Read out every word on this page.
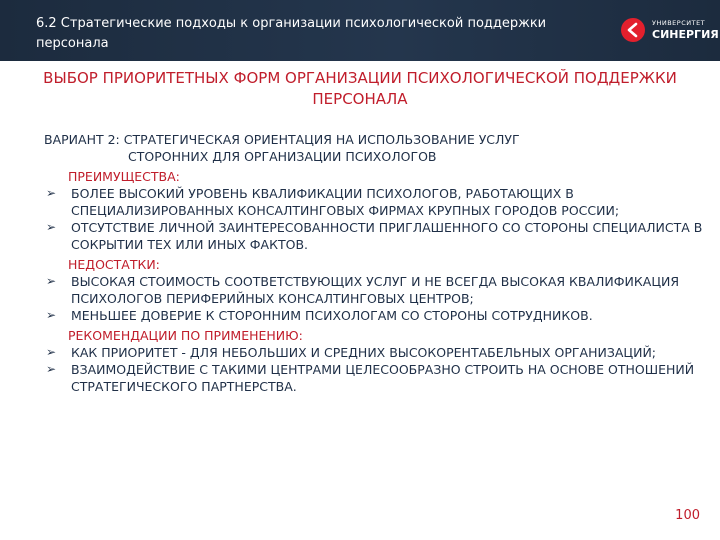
6.2 Стратегические подходы к организации психологической поддержки персонала
УНИВЕРСИТЕТ
СИНЕРГИЯ
ВЫБОР ПРИОРИТЕТНЫХ ФОРМ ОРГАНИЗАЦИИ ПСИХОЛОГИЧЕСКОЙ ПОДДЕРЖКИ ПЕРСОНАЛА
ВАРИАНТ 2: СТРАТЕГИЧЕСКАЯ ОРИЕНТАЦИЯ НА ИСПОЛЬЗОВАНИЕ УСЛУГ
СТОРОННИХ ДЛЯ ОРГАНИЗАЦИИ ПСИХОЛОГОВ
ПРЕИМУЩЕСТВА:
➢ БОЛЕЕ ВЫСОКИЙ УРОВЕНЬ КВАЛИФИКАЦИИ ПСИХОЛОГОВ, РАБОТАЮЩИХ В СПЕЦИАЛИЗИРОВАННЫХ КОНСАЛТИНГОВЫХ ФИРМАХ КРУПНЫХ ГОРОДОВ РОССИИ;
➢ ОТСУТСТВИЕ ЛИЧНОЙ ЗАИНТЕРЕСОВАННОСТИ ПРИГЛАШЕННОГО СО СТОРОНЫ СПЕЦИАЛИСТА В СОКРЫТИИ ТЕХ ИЛИ ИНЫХ ФАКТОВ.
НЕДОСТАТКИ:
➢ ВЫСОКАЯ СТОИМОСТЬ СООТВЕТСТВУЮЩИХ УСЛУГ И НЕ ВСЕГДА ВЫСОКАЯ КВАЛИФИКАЦИЯ ПСИХОЛОГОВ ПЕРИФЕРИЙНЫХ КОНСАЛТИНГОВЫХ ЦЕНТРОВ;
➢ МЕНЬШЕЕ ДОВЕРИЕ К СТОРОННИМ ПСИХОЛОГАМ СО СТОРОНЫ СОТРУДНИКОВ.
РЕКОМЕНДАЦИИ ПО ПРИМЕНЕНИЮ:
➢ КАК ПРИОРИТЕТ - ДЛЯ НЕБОЛЬШИХ И СРЕДНИХ ВЫСОКОРЕНТАБЕЛЬНЫХ ОРГАНИЗАЦИЙ;
➢ ВЗАИМОДЕЙСТВИЕ С ТАКИМИ ЦЕНТРАМИ ЦЕЛЕСООБРАЗНО СТРОИТЬ НА ОСНОВЕ ОТНОШЕНИЙ СТРАТЕГИЧЕСКОГО ПАРТНЕРСТВА.
100
